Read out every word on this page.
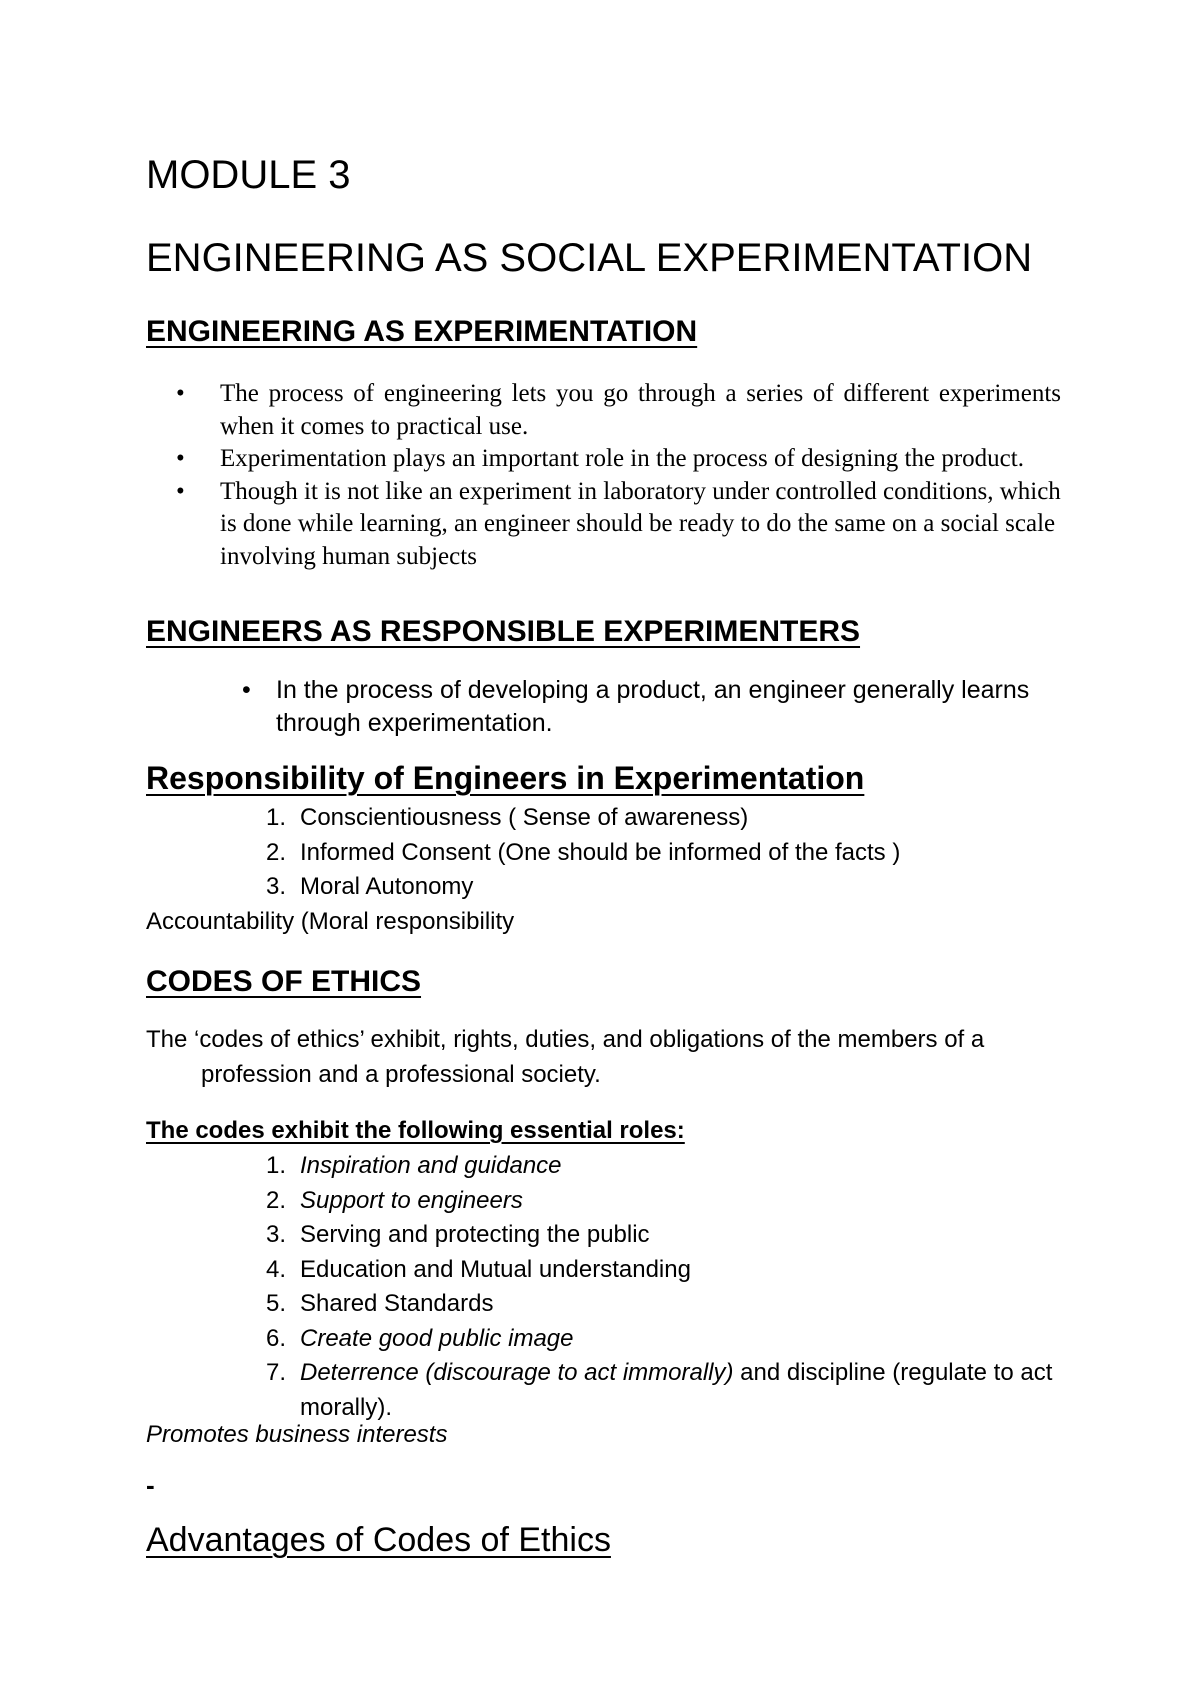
MODULE 3
ENGINEERING AS SOCIAL EXPERIMENTATION
ENGINEERING AS EXPERIMENTATION
• The process of engineering lets you go through a series of different experiments when it comes to practical use.
• Experimentation plays an important role in the process of designing the product.
• Though it is not like an experiment in laboratory under controlled conditions, which is done while learning, an engineer should be ready to do the same on a social scale involving human subjects
ENGINEERS AS RESPONSIBLE EXPERIMENTERS
• In the process of developing a product, an engineer generally learns through experimentation.
Responsibility of Engineers in Experimentation
1. Conscientiousness ( Sense of awareness)
2. Informed Consent (One should be informed of the facts )
3. Moral Autonomy
Accountability (Moral responsibility
CODES OF ETHICS
The ‘codes of ethics’ exhibit, rights, duties, and obligations of the members of a
profession and a professional society.
The codes exhibit the following essential roles:
1. Inspiration and guidance
2. Support to engineers
3. Serving and protecting the public
4. Education and Mutual understanding
5. Shared Standards
6. Create good public image
7. Deterrence (discourage to act immorally) and discipline (regulate to act morally).
Promotes business interests
-
Advantages of Codes of Ethics
